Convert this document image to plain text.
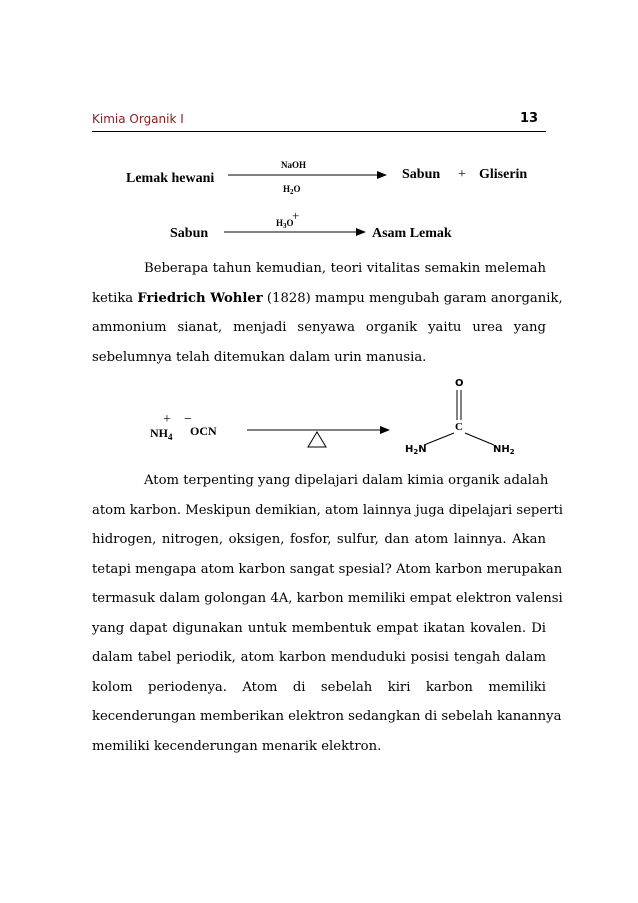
Kimia Organik I	13
Lemak hewani
NaOH
$H_2O$
Sabun + Gliserin
Sabun
$H_3O$
+
Asam Lemak
+ −
$NH_4$ OCN
O
C
$H_2N$	$NH_2$
Beberapa tahun kemudian, teori vitalitas semakin melemah
ketika Friedrich Wohler (1828) mampu mengubah garam anorganik,
ammonium sianat, menjadi senyawa organik yaitu urea yang
sebelumnya telah ditemukan dalam urin manusia.
Atom terpenting yang dipelajari dalam kimia organik adalah
atom karbon. Meskipun demikian, atom lainnya juga dipelajari seperti
hidrogen, nitrogen, oksigen, fosfor, sulfur, dan atom lainnya. Akan
tetapi mengapa atom karbon sangat spesial? Atom karbon merupakan
termasuk dalam golongan 4A, karbon memiliki empat elektron valensi
yang dapat digunakan untuk membentuk empat ikatan kovalen. Di
dalam tabel periodik, atom karbon menduduki posisi tengah dalam
kolom periodenya. Atom di sebelah kiri karbon memiliki
kecenderungan memberikan elektron sedangkan di sebelah kanannya
memiliki kecenderungan menarik elektron.
